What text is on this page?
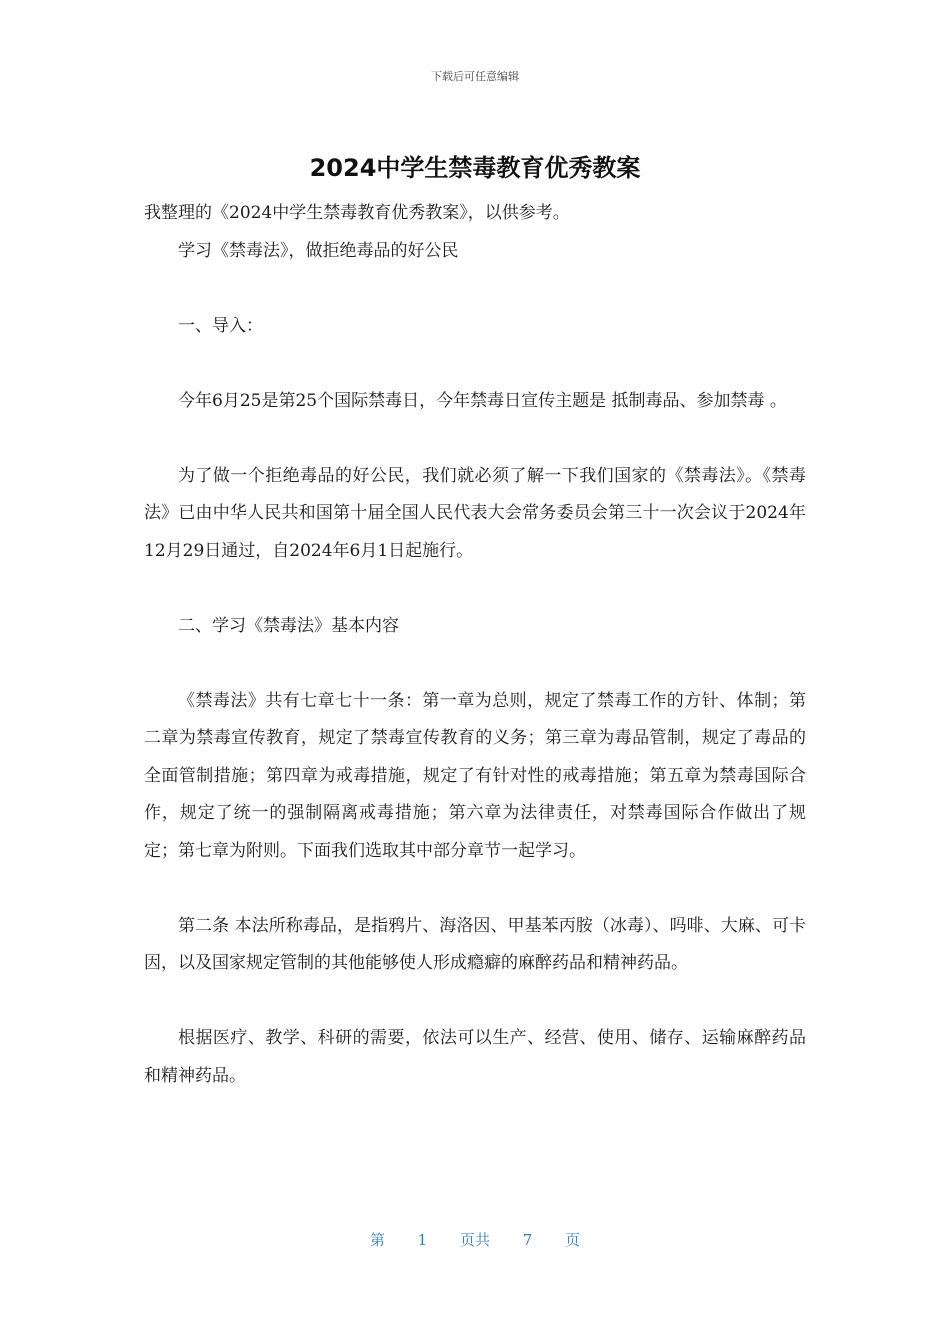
下载后可任意编辑
2024中学生禁毒教育优秀教案

我整理的《2024中学生禁毒教育优秀教案》，以供参考。

学习《禁毒法》，做拒绝毒品的好公民

一、导入：

今年6月25是第25个国际禁毒日，今年禁毒日宣传主题是 抵制毒品、参加禁毒 。

为了做一个拒绝毒品的好公民，我们就必须了解一下我们国家的《禁毒法》。《禁毒法》已由中华人民共和国第十届全国人民代表大会常务委员会第三十一次会议于2024年12月29日通过，自2024年6月1日起施行。

二、学习《禁毒法》基本内容

《禁毒法》共有七章七十一条：第一章为总则，规定了禁毒工作的方针、体制；第二章为禁毒宣传教育，规定了禁毒宣传教育的义务；第三章为毒品管制，规定了毒品的全面管制措施；第四章为戒毒措施，规定了有针对性的戒毒措施；第五章为禁毒国际合作，规定了统一的强制隔离戒毒措施；第六章为法律责任，对禁毒国际合作做出了规定；第七章为附则。下面我们选取其中部分章节一起学习。

第二条 本法所称毒品，是指鸦片、海洛因、甲基苯丙胺（冰毒）、吗啡、大麻、可卡因，以及国家规定管制的其他能够使人形成瘾癖的麻醉药品和精神药品。

根据医疗、教学、科研的需要，依法可以生产、经营、使用、储存、运输麻醉药品和精神药品。

第 1 页共 7 页
